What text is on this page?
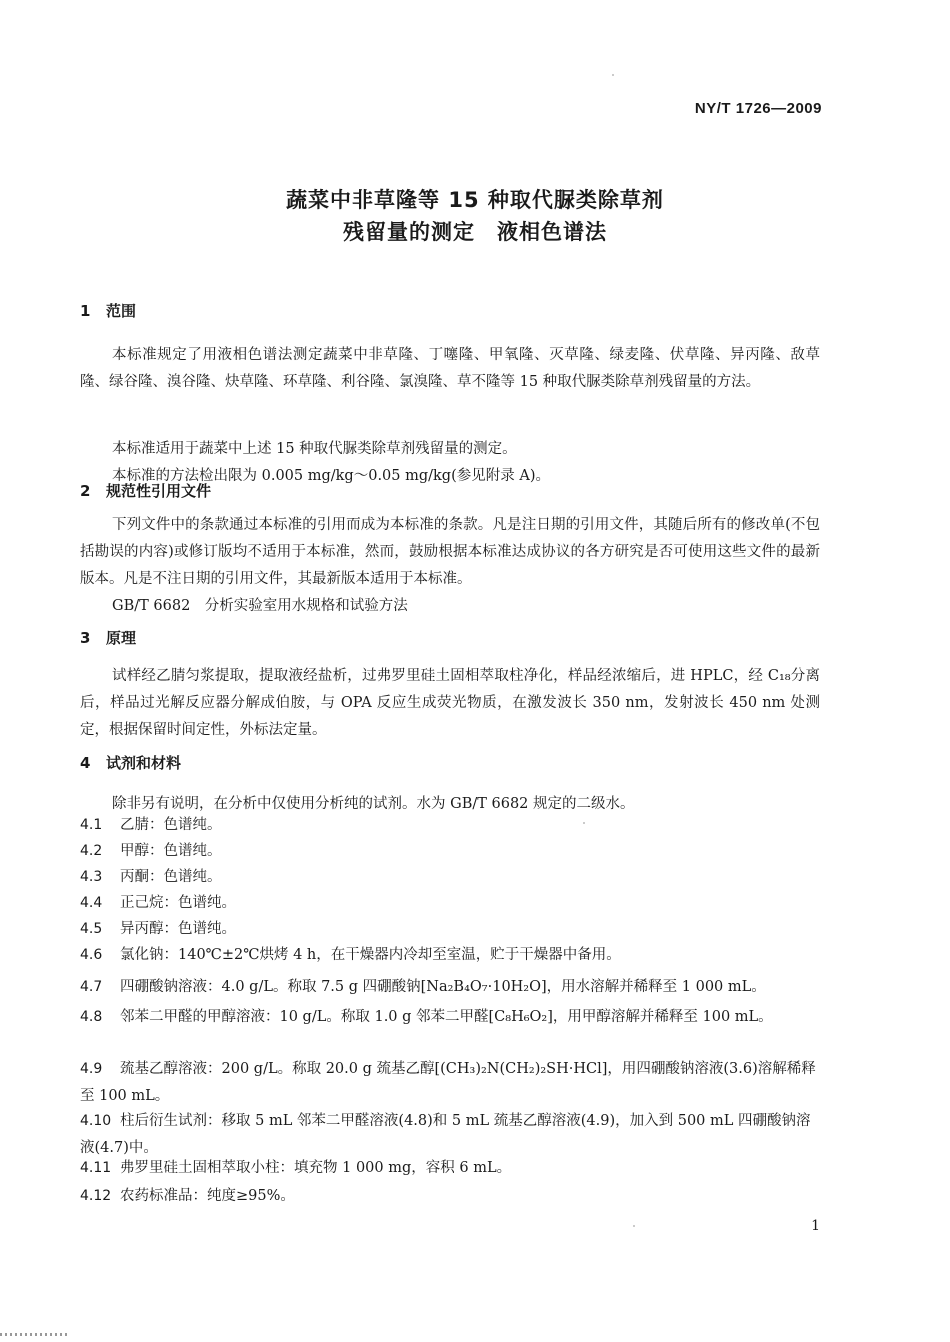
NY/T 1726—2009
蔬菜中非草隆等 15 种取代脲类除草剂
残留量的测定　液相色谱法
1 范围
本标准规定了用液相色谱法测定蔬菜中非草隆、丁噻隆、甲氧隆、灭草隆、绿麦隆、伏草隆、异丙隆、敌草隆、绿谷隆、溴谷隆、炔草隆、环草隆、利谷隆、氯溴隆、草不隆等 15 种取代脲类除草剂残留量的方法。
本标准适用于蔬菜中上述 15 种取代脲类除草剂残留量的测定。
本标准的方法检出限为 0.005 mg/kg～0.05 mg/kg(参见附录 A)。
2 规范性引用文件
下列文件中的条款通过本标准的引用而成为本标准的条款。凡是注日期的引用文件，其随后所有的修改单(不包括勘误的内容)或修订版均不适用于本标准，然而，鼓励根据本标准达成协议的各方研究是否可使用这些文件的最新版本。凡是不注日期的引用文件，其最新版本适用于本标准。
GB/T 6682　分析实验室用水规格和试验方法
3 原理
试样经乙腈匀浆提取，提取液经盐析，过弗罗里硅土固相萃取柱净化，样品经浓缩后，进 HPLC，经 C₁₈分离后，样品过光解反应器分解成伯胺，与 OPA 反应生成荧光物质，在激发波长 350 nm，发射波长 450 nm 处测定，根据保留时间定性，外标法定量。
4 试剂和材料
除非另有说明，在分析中仅使用分析纯的试剂。水为 GB/T 6682 规定的二级水。
4.1 乙腈：色谱纯。
4.2 甲醇：色谱纯。
4.3 丙酮：色谱纯。
4.4 正己烷：色谱纯。
4.5 异丙醇：色谱纯。
4.6 氯化钠：140℃±2℃烘烤 4 h，在干燥器内冷却至室温，贮于干燥器中备用。
4.7 四硼酸钠溶液：4.0 g/L。称取 7.5 g 四硼酸钠[Na₂B₄O₇·10H₂O]，用水溶解并稀释至 1 000 mL。
4.8 邻苯二甲醛的甲醇溶液：10 g/L。称取 1.0 g 邻苯二甲醛[C₈H₆O₂]，用甲醇溶解并稀释至 100 mL。
4.9 巯基乙醇溶液：200 g/L。称取 20.0 g 巯基乙醇[(CH₃)₂N(CH₂)₂SH·HCl]，用四硼酸钠溶液(3.6)溶解稀释至 100 mL。
4.10 柱后衍生试剂：移取 5 mL 邻苯二甲醛溶液(4.8)和 5 mL 巯基乙醇溶液(4.9)，加入到 500 mL 四硼酸钠溶液(4.7)中。
4.11 弗罗里硅土固相萃取小柱：填充物 1 000 mg，容积 6 mL。
4.12 农药标准品：纯度≥95%。
1
